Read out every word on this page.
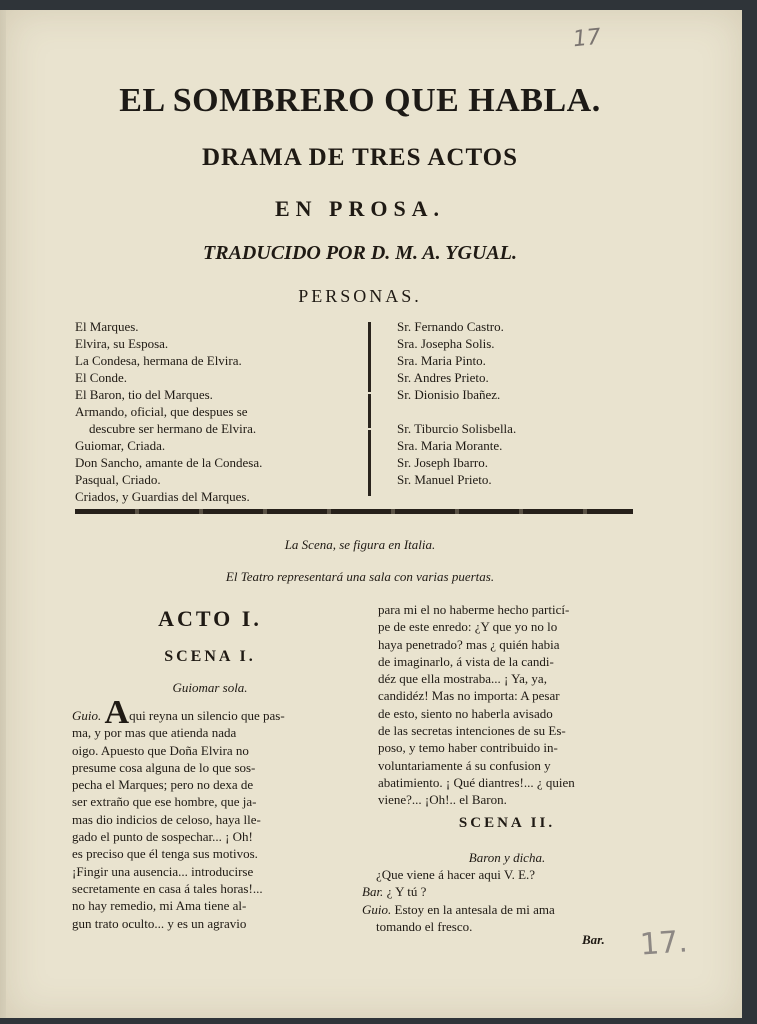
17
17.
EL SOMBRERO QUE HABLA.
DRAMA DE TRES ACTOS
EN PROSA.
TRADUCIDO POR D. M. A. YGUAL.
PERSONAS.
El Marques.
Elvira, su Esposa.
La Condesa, hermana de Elvira.
El Conde.
El Baron, tio del Marques.
Armando, oficial, que despues se
descubre ser hermano de Elvira.
Guiomar, Criada.
Don Sancho, amante de la Condesa.
Pasqual, Criado.
Criados, y Guardias del Marques.
Sr. Fernando Castro.
Sra. Josepha Solis.
Sra. Maria Pinto.
Sr. Andres Prieto.
Sr. Dionisio Ibañez.
Sr. Tiburcio Solisbella.
Sra. Maria Morante.
Sr. Joseph Ibarro.
Sr. Manuel Prieto.
La Scena, se figura en Italia.
El Teatro representará una sala con varias puertas.
ACTO I.
SCENA I.
Guiomar sola.
Guio. Aqui reyna un silencio que pas-
ma, y por mas que atienda nada
oigo. Apuesto que Doña Elvira no
presume cosa alguna de lo que sos-
pecha el Marques; pero no dexa de
ser extraño que ese hombre, que ja-
mas dio indicios de celoso, haya lle-
gado el punto de sospechar... ¡ Oh!
es preciso que él tenga sus motivos.
¡Fingir una ausencia... introducirse
secretamente en casa á tales horas!...
no hay remedio, mi Ama tiene al-
gun trato oculto... y es un agravio
para mi el no haberme hecho particí-
pe de este enredo: ¿Y que yo no lo
haya penetrado? mas ¿ quién habia
de imaginarlo, á vista de la candi-
déz que ella mostraba... ¡ Ya, ya,
candidéz! Mas no importa: A pesar
de esto, siento no haberla avisado
de las secretas intenciones de su Es-
poso, y temo haber contribuido in-
voluntariamente á su confusion y
abatimiento. ¡ Qué diantres!... ¿ quien
viene?... ¡Oh!.. el Baron.
SCENA II.
Baron y dicha.
¿Que viene á hacer aqui V. E.?
Bar. ¿ Y tú ?
Guio. Estoy en la antesala de mi ama
tomando el fresco.
Bar.
